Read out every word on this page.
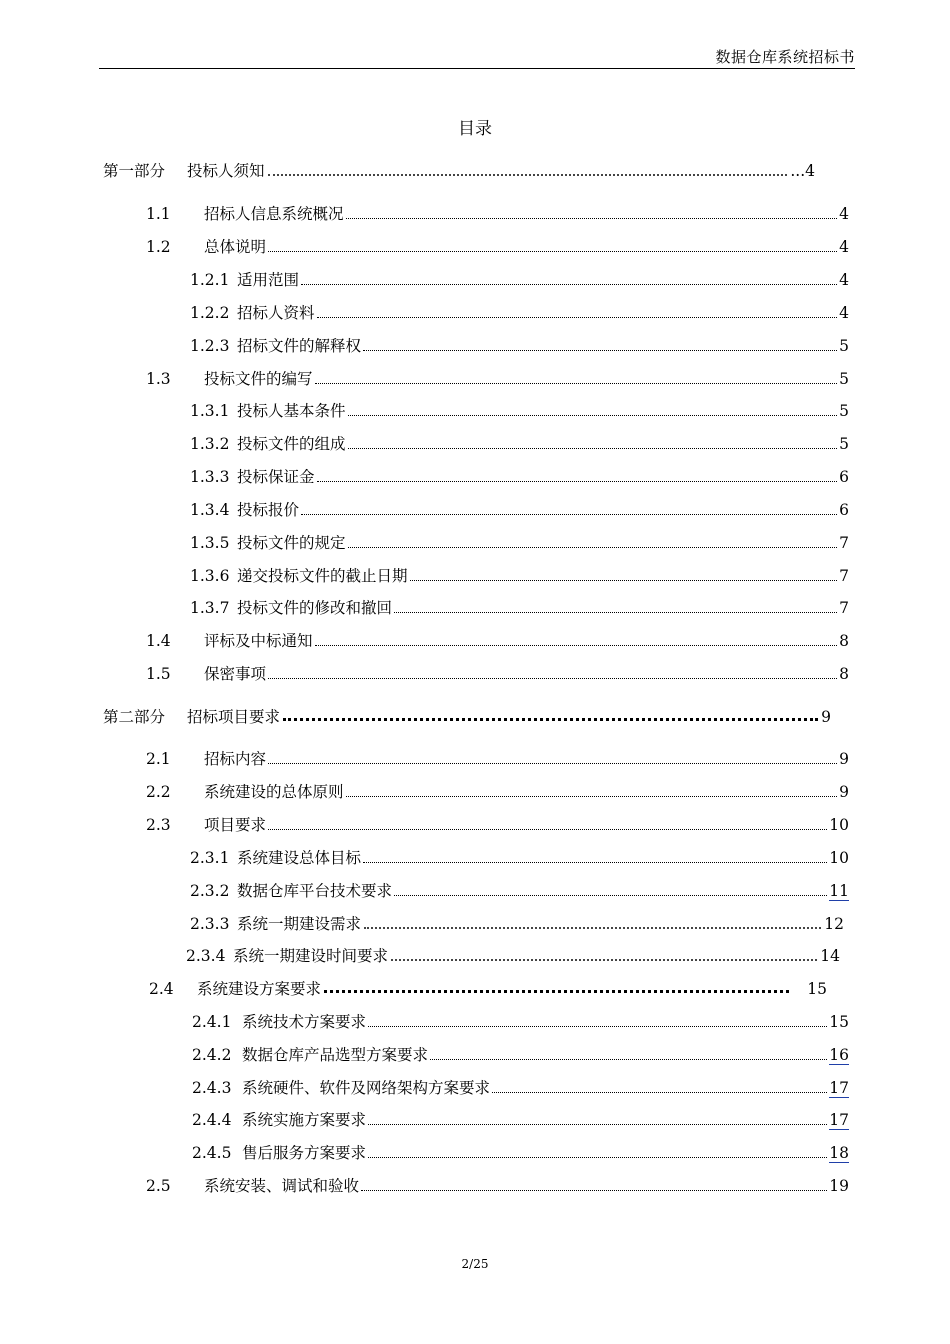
数据仓库系统招标书
目录
第一部分	投标人须知	...4
1.1	招标人信息系统概况	4
1.2	总体说明	4
1.2.1 适用范围	4
1.2.2 招标人资料	4
1.2.3 招标文件的解释权	5
1.3	投标文件的编写	5
1.3.1 投标人基本条件	5
1.3.2 投标文件的组成	5
1.3.3 投标保证金	6
1.3.4 投标报价	6
1.3.5 投标文件的规定	7
1.3.6 递交投标文件的截止日期	7
1.3.7 投标文件的修改和撤回	7
1.4	评标及中标通知	8
1.5	保密事项	8
第二部分	招标项目要求	9
2.1	招标内容	9
2.2	系统建设的总体原则	9
2.3	项目要求	10
2.3.1 系统建设总体目标	10
2.3.2 数据仓库平台技术要求	11
2.3.3 系统一期建设需求	12
2.3.4 系统一期建设时间要求	14
2.4	系统建设方案要求	15
2.4.1 系统技术方案要求	15
2.4.2 数据仓库产品选型方案要求	16
2.4.3 系统硬件、软件及网络架构方案要求	17
2.4.4 系统实施方案要求	17
2.4.5 售后服务方案要求	18
2.5	系统安装、调试和验收	19
2/25
